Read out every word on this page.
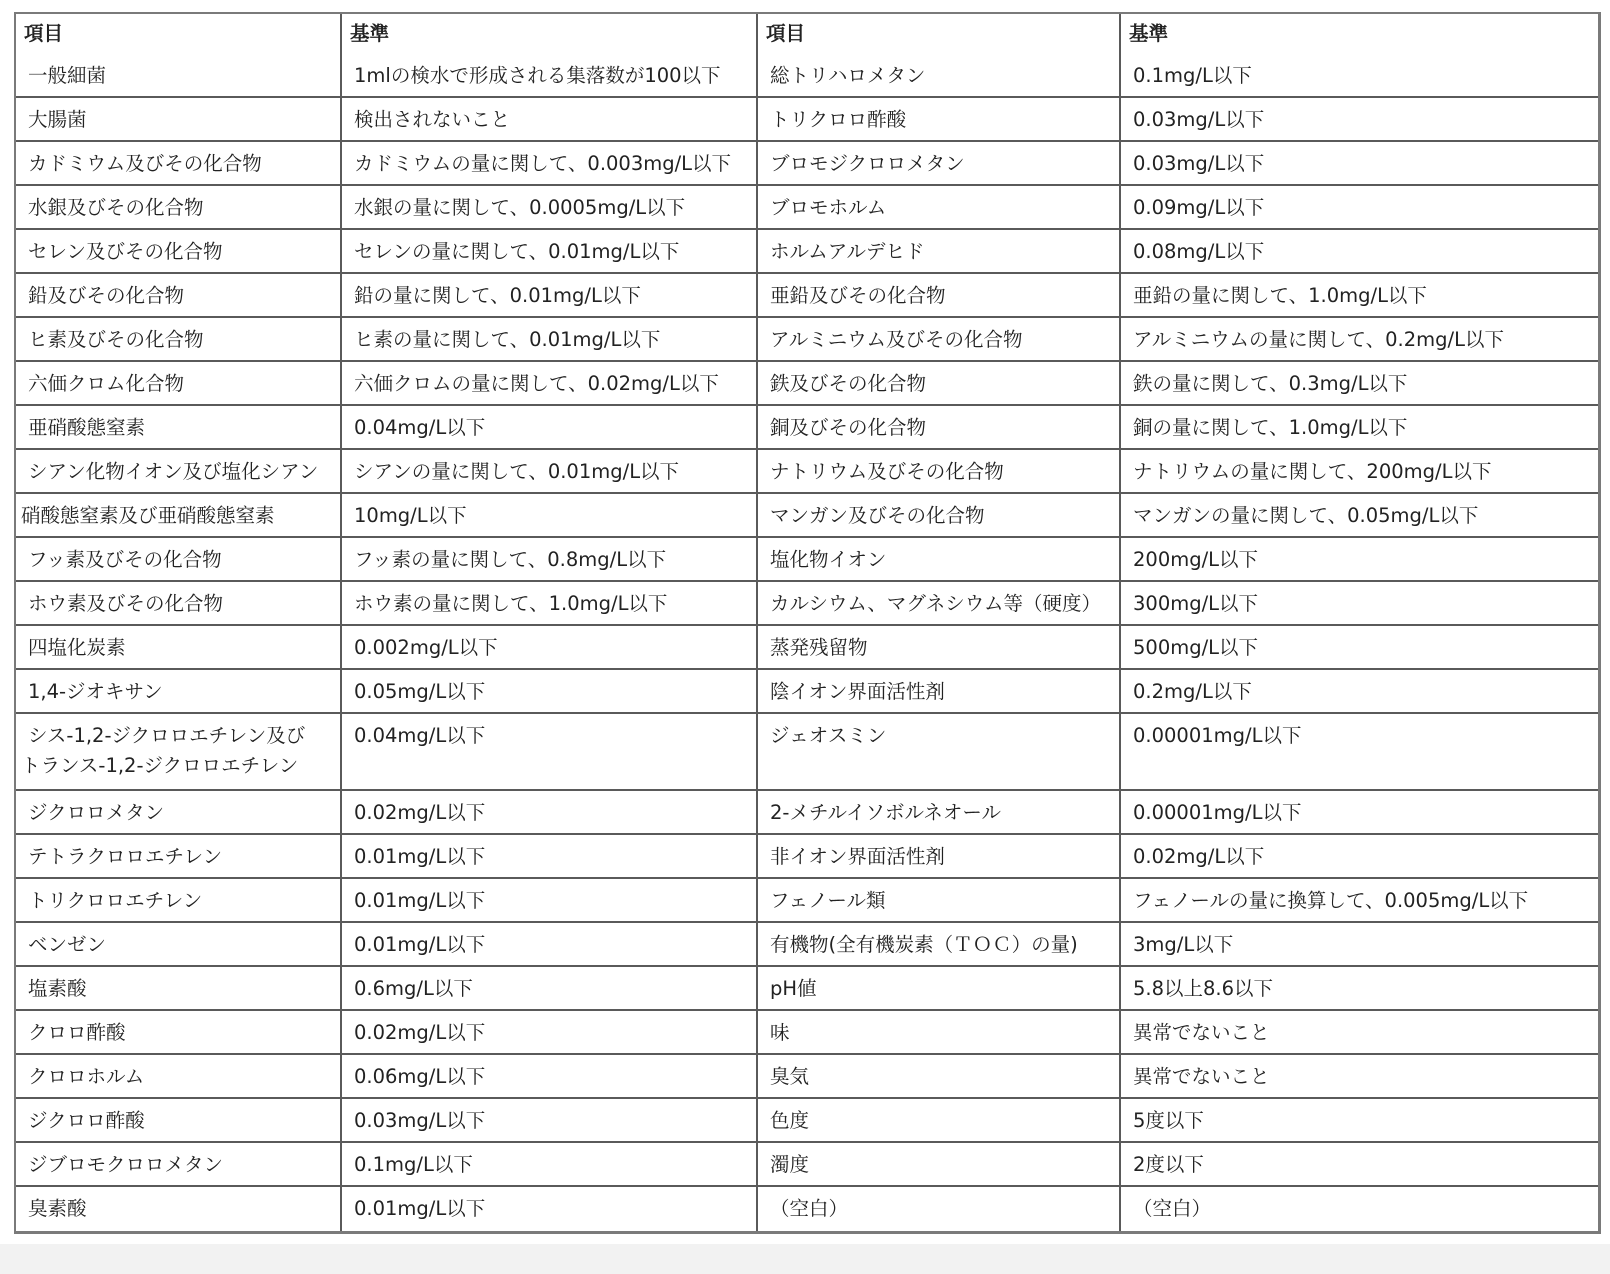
項目	基準	項目	基準
一般細菌	1mlの検水で形成される集落数が100以下	総トリハロメタン	0.1mg/L以下
大腸菌	検出されないこと	トリクロロ酢酸	0.03mg/L以下
カドミウム及びその化合物	カドミウムの量に関して、0.003mg/L以下	ブロモジクロロメタン	0.03mg/L以下
水銀及びその化合物	水銀の量に関して、0.0005mg/L以下	ブロモホルム	0.09mg/L以下
セレン及びその化合物	セレンの量に関して、0.01mg/L以下	ホルムアルデヒド	0.08mg/L以下
鉛及びその化合物	鉛の量に関して、0.01mg/L以下	亜鉛及びその化合物	亜鉛の量に関して、1.0mg/L以下
ヒ素及びその化合物	ヒ素の量に関して、0.01mg/L以下	アルミニウム及びその化合物	アルミニウムの量に関して、0.2mg/L以下
六価クロム化合物	六価クロムの量に関して、0.02mg/L以下	鉄及びその化合物	鉄の量に関して、0.3mg/L以下
亜硝酸態窒素	0.04mg/L以下	銅及びその化合物	銅の量に関して、1.0mg/L以下
シアン化物イオン及び塩化シアン	シアンの量に関して、0.01mg/L以下	ナトリウム及びその化合物	ナトリウムの量に関して、200mg/L以下
硝酸態窒素及び亜硝酸態窒素	10mg/L以下	マンガン及びその化合物	マンガンの量に関して、0.05mg/L以下
フッ素及びその化合物	フッ素の量に関して、0.8mg/L以下	塩化物イオン	200mg/L以下
ホウ素及びその化合物	ホウ素の量に関して、1.0mg/L以下	カルシウム、マグネシウム等（硬度）	300mg/L以下
四塩化炭素	0.002mg/L以下	蒸発残留物	500mg/L以下
1,4-ジオキサン	0.05mg/L以下	陰イオン界面活性剤	0.2mg/L以下

シス-1,2-ジクロロエチレン及び
トランス-1,2-ジクロロエチレン	0.04mg/L以下	ジェオスミン	0.00001mg/L以下
ジクロロメタン	0.02mg/L以下	2-メチルイソボルネオール	0.00001mg/L以下
テトラクロロエチレン	0.01mg/L以下	非イオン界面活性剤	0.02mg/L以下
トリクロロエチレン	0.01mg/L以下	フェノール類	フェノールの量に換算して、0.005mg/L以下
ベンゼン	0.01mg/L以下	有機物(全有機炭素（ＴＯＣ）の量)	3mg/L以下
塩素酸	0.6mg/L以下	pH値	5.8以上8.6以下
クロロ酢酸	0.02mg/L以下	味	異常でないこと
クロロホルム	0.06mg/L以下	臭気	異常でないこと
ジクロロ酢酸	0.03mg/L以下	色度	5度以下
ジブロモクロロメタン	0.1mg/L以下	濁度	2度以下
臭素酸	0.01mg/L以下	（空白）	（空白）
